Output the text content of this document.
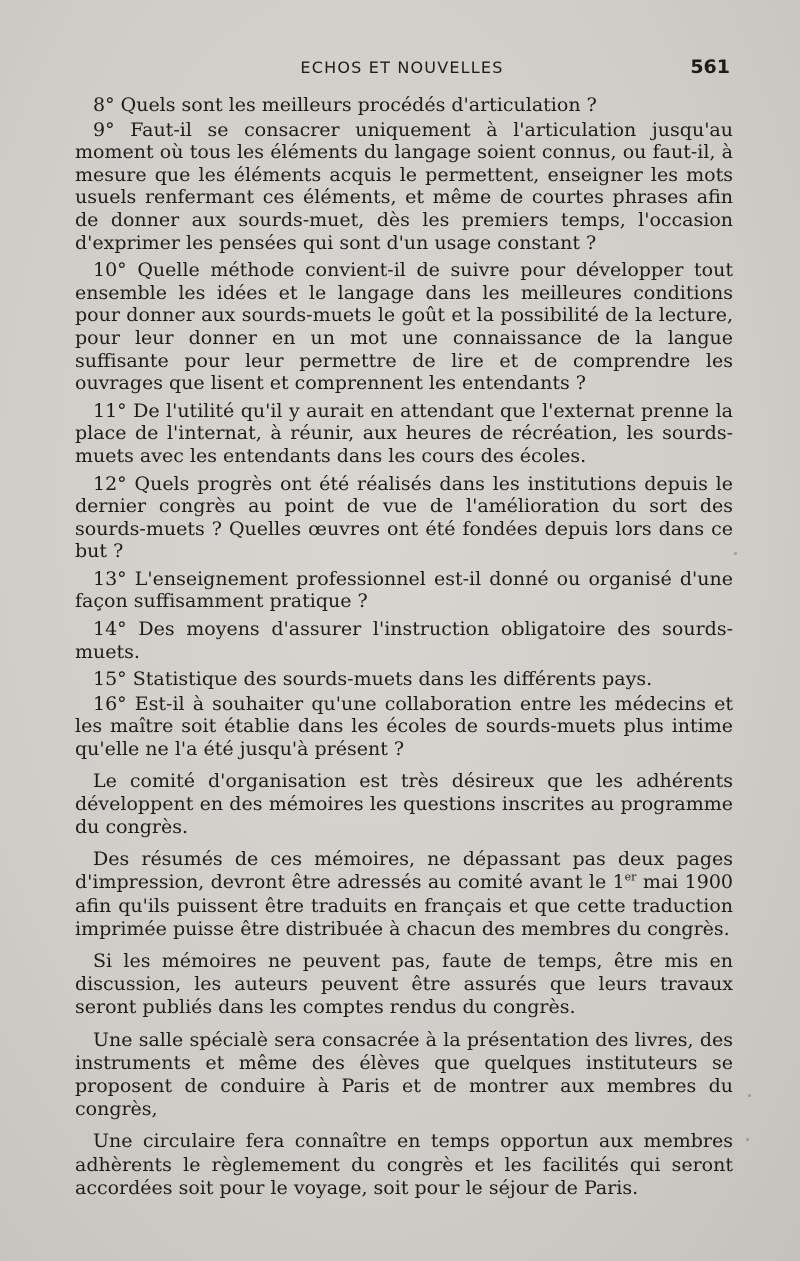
ECHOS ET NOUVELLES	561

8° Quels sont les meilleurs procédés d'articulation ?

9° Faut-il se consacrer uniquement à l'articulation jusqu'au moment où tous les éléments du langage soient connus, ou faut-il, à mesure que les éléments acquis le permettent, enseigner les mots usuels renfermant ces éléments, et même de courtes phrases afin de donner aux sourds-muet, dès les premiers temps, l'occasion d'exprimer les pensées qui sont d'un usage constant ?

10° Quelle méthode convient-il de suivre pour développer tout ensemble les idées et le langage dans les meilleures conditions pour donner aux sourds-muets le goût et la possibilité de la lecture, pour leur donner en un mot une connaissance de la langue suffisante pour leur permettre de lire et de comprendre les ouvrages que lisent et comprennent les entendants ?

11° De l'utilité qu'il y aurait en attendant que l'externat prenne la place de l'internat, à réunir, aux heures de récréation, les sourds-muets avec les entendants dans les cours des écoles.

12° Quels progrès ont été réalisés dans les institutions depuis le dernier congrès au point de vue de l'amélioration du sort des sourds-muets ? Quelles œuvres ont été fondées depuis lors dans ce but ?

13° L'enseignement professionnel est-il donné ou organisé d'une façon suffisamment pratique ?

14° Des moyens d'assurer l'instruction obligatoire des sourds-muets.

15° Statistique des sourds-muets dans les différents pays.

16° Est-il à souhaiter qu'une collaboration entre les médecins et les maître soit établie dans les écoles de sourds-muets plus intime qu'elle ne l'a été jusqu'à présent ?

Le comité d'organisation est très désireux que les adhérents développent en des mémoires les questions inscrites au programme du congrès.

Des résumés de ces mémoires, ne dépassant pas deux pages d'impression, devront être adressés au comité avant le 1er mai 1900 afin qu'ils puissent être traduits en français et que cette traduction imprimée puisse être distribuée à chacun des membres du congrès.

Si les mémoires ne peuvent pas, faute de temps, être mis en discussion, les auteurs peuvent être assurés que leurs travaux seront publiés dans les comptes rendus du congrès.

Une salle spécialè sera consacrée à la présentation des livres, des instruments et même des élèves que quelques instituteurs se proposent de conduire à Paris et de montrer aux membres du congrès,

Une circulaire fera connaître en temps opportun aux membres adhèrents le règlemement du congrès et les facilités qui seront accordées soit pour le voyage, soit pour le séjour de Paris.
